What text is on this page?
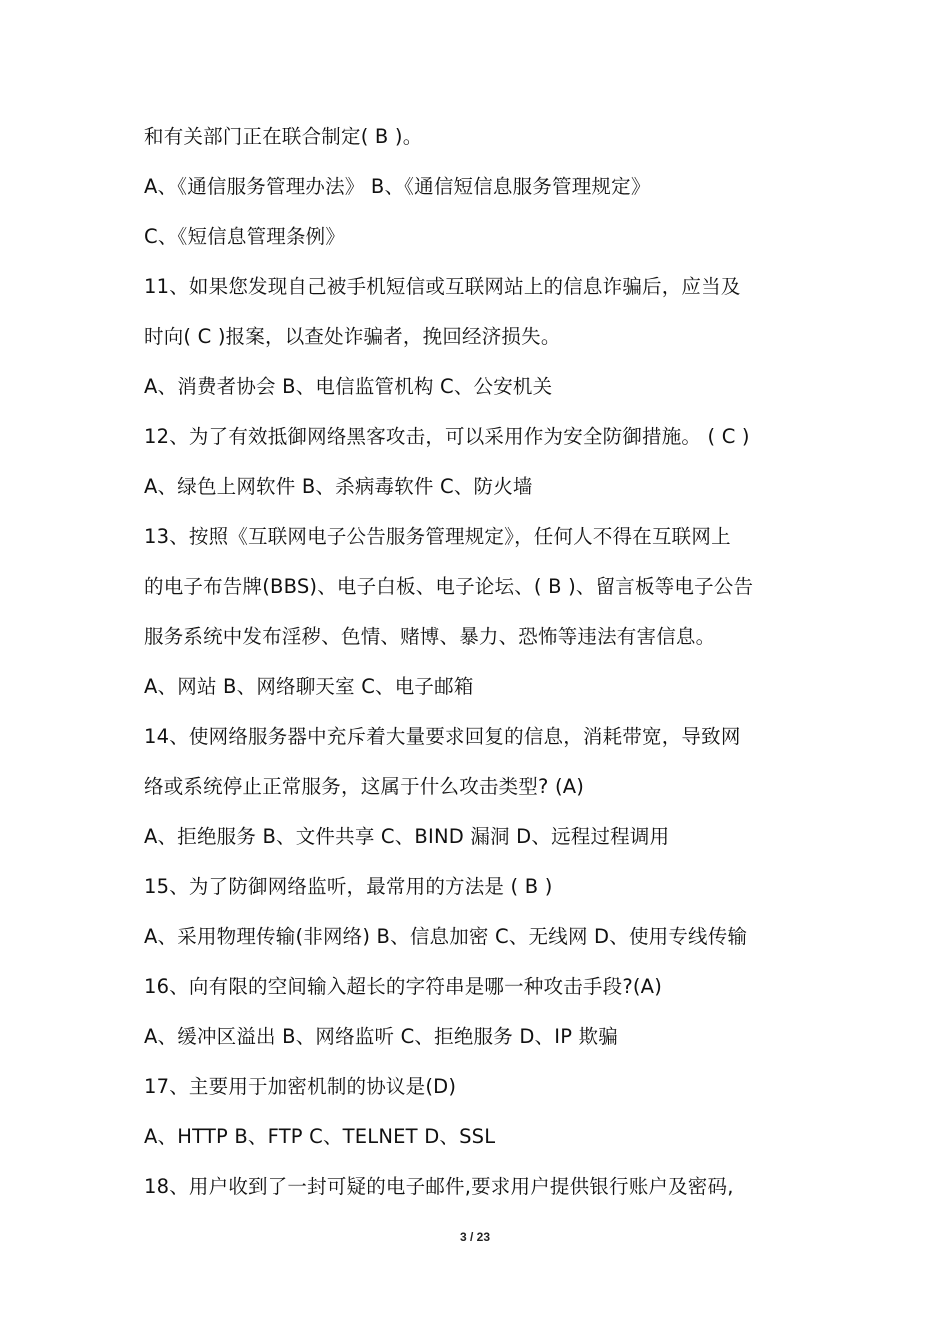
和有关部门正在联合制定( B )。
A、《通信服务管理办法》 B、《通信短信息服务管理规定》
C、《短信息管理条例》
11、如果您发现自己被手机短信或互联网站上的信息诈骗后，应当及
时向( C )报案，以查处诈骗者，挽回经济损失。
A、消费者协会 B、电信监管机构 C、公安机关
12、为了有效抵御网络黑客攻击，可以采用作为安全防御措施。 ( C )
A、绿色上网软件 B、杀病毒软件 C、防火墙
13、按照《互联网电子公告服务管理规定》，任何人不得在互联网上
的电子布告牌(BBS)、电子白板、电子论坛、( B )、留言板等电子公告
服务系统中发布淫秽、色情、赌博、暴力、恐怖等违法有害信息。
A、网站 B、网络聊天室 C、电子邮箱
14、使网络服务器中充斥着大量要求回复的信息，消耗带宽，导致网
络或系统停止正常服务，这属于什么攻击类型? (A)
A、拒绝服务 B、文件共享 C、BIND 漏洞 D、远程过程调用
15、为了防御网络监听，最常用的方法是 ( B )
A、采用物理传输(非网络) B、信息加密 C、无线网 D、使用专线传输
16、向有限的空间输入超长的字符串是哪一种攻击手段?(A)
A、缓冲区溢出 B、网络监听 C、拒绝服务 D、IP 欺骗
17、主要用于加密机制的协议是(D)
A、HTTP B、FTP C、TELNET D、SSL
18、用户收到了一封可疑的电子邮件,要求用户提供银行账户及密码,
3 / 23
